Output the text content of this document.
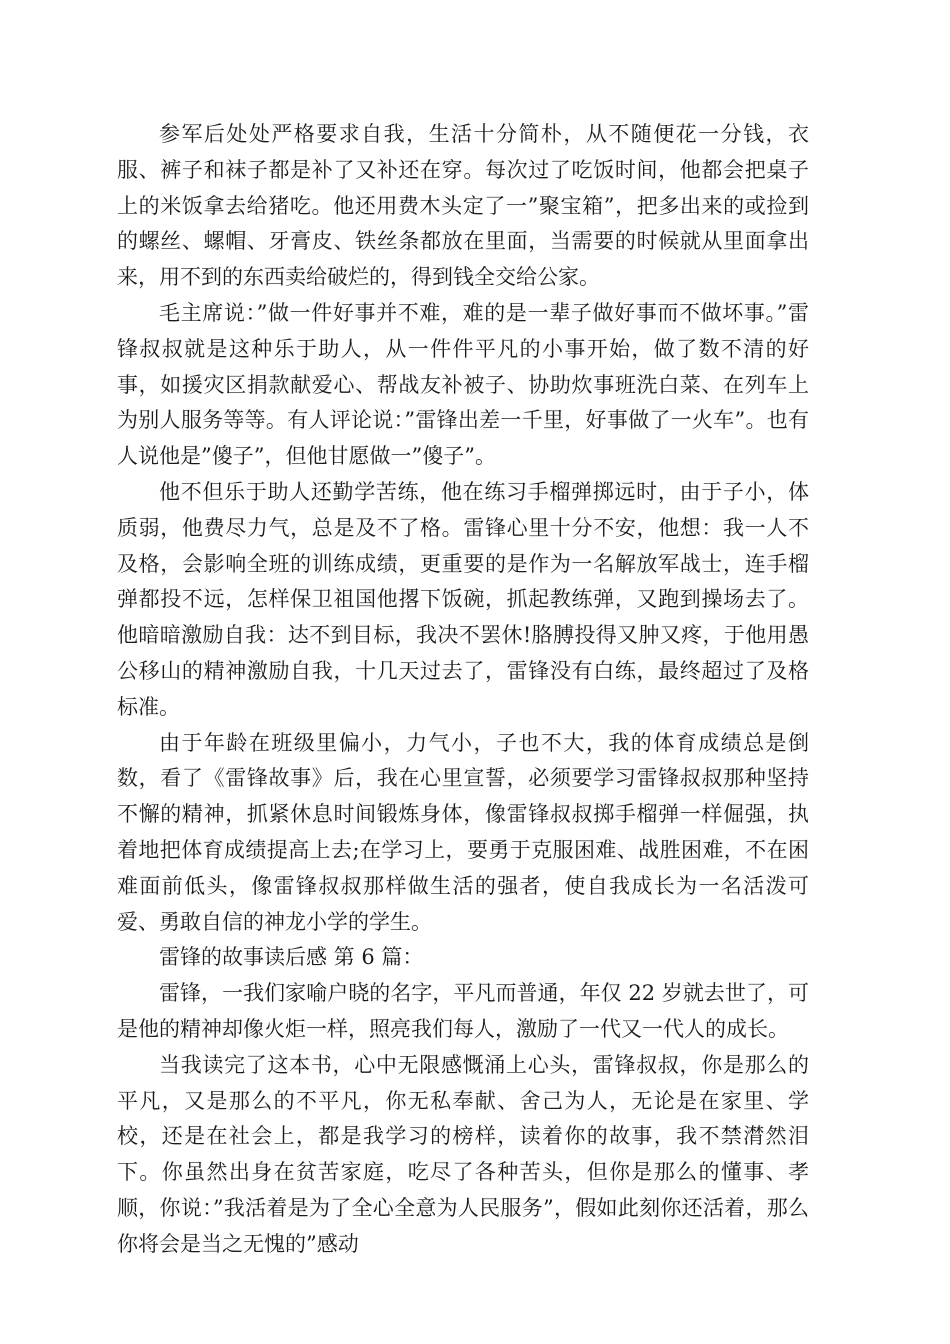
参军后处处严格要求自我，生活十分简朴，从不随便花一分钱，衣服、裤子和袜子都是补了又补还在穿。每次过了吃饭时间，他都会把桌子上的米饭拿去给猪吃。他还用费木头定了一”聚宝箱”，把多出来的或捡到的螺丝、螺帽、牙膏皮、铁丝条都放在里面，当需要的时候就从里面拿出来，用不到的东西卖给破烂的，得到钱全交给公家。

毛主席说：”做一件好事并不难，难的是一辈子做好事而不做坏事。”雷锋叔叔就是这种乐于助人，从一件件平凡的小事开始，做了数不清的好事，如援灾区捐款献爱心、帮战友补被子、协助炊事班洗白菜、在列车上为别人服务等等。有人评论说：”雷锋出差一千里，好事做了一火车”。也有人说他是”傻子”，但他甘愿做一”傻子”。

他不但乐于助人还勤学苦练，他在练习手榴弹掷远时，由于子小，体质弱，他费尽力气，总是及不了格。雷锋心里十分不安，他想：我一人不及格，会影响全班的训练成绩，更重要的是作为一名解放军战士，连手榴弹都投不远，怎样保卫祖国他撂下饭碗，抓起教练弹，又跑到操场去了。他暗暗激励自我：达不到目标，我决不罢休!胳膊投得又肿又疼，于他用愚公移山的精神激励自我，十几天过去了，雷锋没有白练，最终超过了及格标准。

由于年龄在班级里偏小，力气小，子也不大，我的体育成绩总是倒数，看了《雷锋故事》后，我在心里宣誓，必须要学习雷锋叔叔那种坚持不懈的精神，抓紧休息时间锻炼身体，像雷锋叔叔掷手榴弹一样倔强，执着地把体育成绩提高上去;在学习上，要勇于克服困难、战胜困难，不在困难面前低头，像雷锋叔叔那样做生活的强者，使自我成长为一名活泼可爱、勇敢自信的神龙小学的学生。

雷锋的故事读后感 第 6 篇：

雷锋，一我们家喻户晓的名字，平凡而普通，年仅 22 岁就去世了，可是他的精神却像火炬一样，照亮我们每人，激励了一代又一代人的成长。

当我读完了这本书，心中无限感慨涌上心头，雷锋叔叔，你是那么的平凡，又是那么的不平凡，你无私奉献、舍己为人，无论是在家里、学校，还是在社会上，都是我学习的榜样，读着你的故事，我不禁潸然泪下。你虽然出身在贫苦家庭，吃尽了各种苦头，但你是那么的懂事、孝顺，你说：”我活着是为了全心全意为人民服务”，假如此刻你还活着，那么你将会是当之无愧的”感动
